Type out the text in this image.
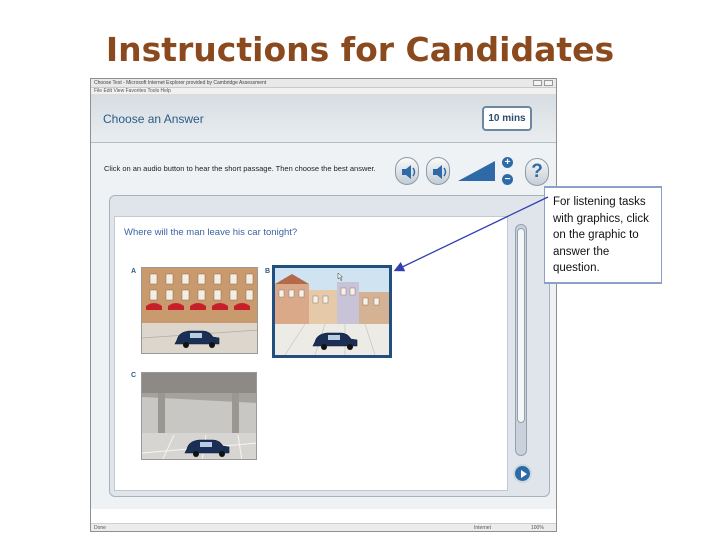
Instructions for Candidates
Choose Test - Microsoft Internet Explorer provided by Cambridge Assessment
File Edit View Favorites Tools Help
Choose an Answer	10 mins
Click on an audio button to hear the short passage. Then choose the best answer.
+
−	?
Where will the man leave his car tonight?
A	B
C
Done	Internet	100%
For listening tasks with graphics, click on the graphic to answer the question.
